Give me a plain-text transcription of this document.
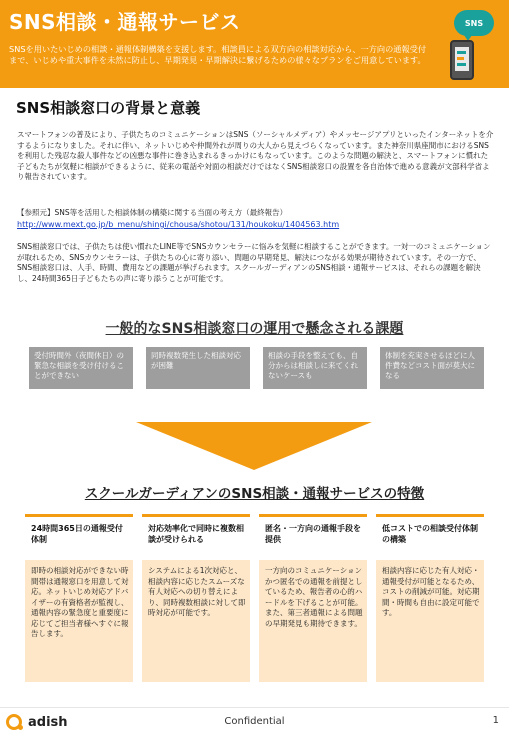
SNS相談・通報サービス
SNSを用いたいじめの相談・通報体制構築を支援します。相談員による双方向の相談対応から、一方向の通報受付まで、いじめや重大事件を未然に防止し、早期発見・早期解決に繋げるための様々なプランをご用意しています。
SNS
SNS相談窓口の背景と意義
スマートフォンの普及により、子供たちのコミュニケーションはSNS（ソーシャルメディア）やメッセージアプリといったインターネットを介するようになりました。それに伴い、ネットいじめや仲間外れが周りの大人から見えづらくなっています。また神奈川県座間市におけるSNSを利用した残忍な殺人事件などの凶悪な事件に巻き込まれるきっかけにもなっています。このような問題の解決と、スマートフォンに慣れた子どもたちが気軽に相談ができるように、従来の電話や対面の相談だけではなくSNS相談窓口の設置を各自治体で進める意義が文部科学省より報告されています。
【参照元】SNS等を活用した相談体制の構築に関する当面の考え方（最終報告）
http://www.mext.go.jp/b_menu/shingi/chousa/shotou/131/houkoku/1404563.htm
SNS相談窓口では、子供たちは使い慣れたLINE等でSNSカウンセラーに悩みを気軽に相談することができます。一対一のコミュニケーションが取れるため、SNSカウンセラーは、子供たちの心に寄り添い、問題の早期発見、解決につながる効果が期待されています。その一方で、SNS相談窓口は、人手、時間、費用などの課題が挙げられます。スクールガーディアンのSNS相談・通報サービスは、それらの課題を解決し、24時間365日子どもたちの声に寄り添うことが可能です。
一般的なSNS相談窓口の運用で懸念される課題
受付時間外（夜間休日）の緊急な相談を受け付けることができない
同時複数発生した相談対応が困難
相談の手段を整えても、自分からは相談しに来てくれないケースも
体制を充実させるほどに人件費などコスト面が莫大になる
スクールガーディアンのSNS相談・通報サービスの特徴
24時間365日の通報受付体制
即時の相談対応ができない時間帯は通報窓口を用意して対応。ネットいじめ対応アドバイザーの有資格者が監視し、通報内容の緊急度と重要度に応じてご担当者様へすぐに報告します。
対応効率化で同時に複数相談が受けられる
システムによる1次対応と、相談内容に応じたスムーズな有人対応への切り替えにより、同時複数相談に対して即時対応が可能です。
匿名・一方向の通報手段を提供
一方向のコミュニケーションかつ匿名での通報を前提としているため、報告者の心的ハードルを下げることが可能。また、第三者通報による問題の早期発見も期待できます。
低コストでの相談受付体制の構築
相談内容に応じた有人対応・通報受付が可能となるため、コストの削減が可能。対応期間・時間も自由に設定可能です。
adish	Confidential	1
